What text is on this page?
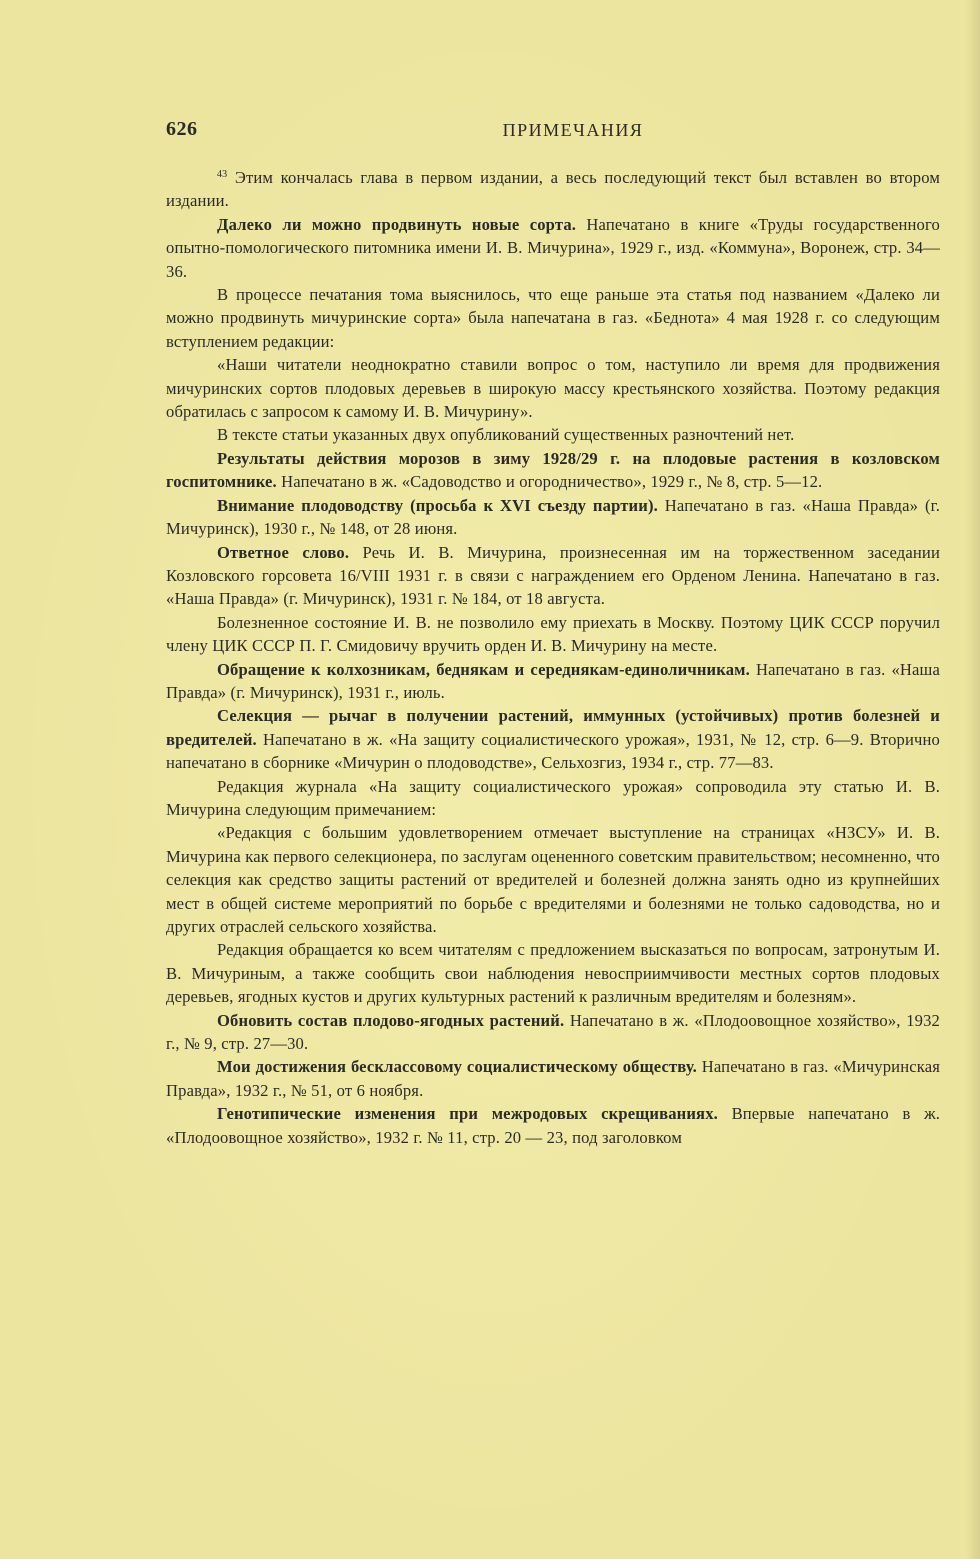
626	ПРИМЕЧАНИЯ

$^{43}$ Этим кончалась глава в первом издании, а весь последующий текст был вставлен во втором издании.

Далеко ли можно продвинуть новые сорта. Напечатано в книге «Труды государственного опытно-помологического питомника имени И. В. Мичурина», 1929 г., изд. «Коммуна», Воронеж, стр. 34—36.

В процессе печатания тома выяснилось, что еще раньше эта статья под названием «Далеко ли можно продвинуть мичуринские сорта» была напечатана в газ. «Беднота» 4 мая 1928 г. со следующим вступлением редакции:

«Наши читатели неоднократно ставили вопрос о том, наступило ли время для продвижения мичуринских сортов плодовых деревьев в широкую массу крестьянского хозяйства. Поэтому редакция обратилась с запросом к самому И. В. Мичурину».

В тексте статьи указанных двух опубликований существенных разночтений нет.

Результаты действия морозов в зиму 1928/29 г. на плодовые растения в козловском госпитомнике. Напечатано в ж. «Садоводство и огородничество», 1929 г., № 8, стр. 5—12.

Внимание плодоводству (просьба к XVI съезду партии). Напечатано в газ. «Наша Правда» (г. Мичуринск), 1930 г., № 148, от 28 июня.

Ответное слово. Речь И. В. Мичурина, произнесенная им на торжественном заседании Козловского горсовета 16/VIII 1931 г. в связи с награждением его Орденом Ленина. Напечатано в газ. «Наша Правда» (г. Мичуринск), 1931 г. № 184, от 18 августа.

Болезненное состояние И. В. не позволило ему приехать в Москву. Поэтому ЦИК СССР поручил члену ЦИК СССР П. Г. Смидовичу вручить орден И. В. Мичурину на месте.

Обращение к колхозникам, беднякам и середнякам-единоличникам. Напечатано в газ. «Наша Правда» (г. Мичуринск), 1931 г., июль.

Селекция — рычаг в получении растений, иммунных (устойчивых) против болезней и вредителей. Напечатано в ж. «На защиту социалистического урожая», 1931, № 12, стр. 6—9. Вторично напечатано в сборнике «Мичурин о плодоводстве», Сельхозгиз, 1934 г., стр. 77—83.

Редакция журнала «На защиту социалистического урожая» сопроводила эту статью И. В. Мичурина следующим примечанием:

«Редакция с большим удовлетворением отмечает выступление на страницах «НЗСУ» И. В. Мичурина как первого селекционера, по заслугам оцененного советским правительством; несомненно, что селекция как средство защиты растений от вредителей и болезней должна занять одно из крупнейших мест в общей системе мероприятий по борьбе с вредителями и болезнями не только садоводства, но и других отраслей сельского хозяйства.

Редакция обращается ко всем читателям с предложением высказаться по вопросам, затронутым И. В. Мичуриным, а также сообщить свои наблюдения невосприимчивости местных сортов плодовых деревьев, ягодных кустов и других культурных растений к различным вредителям и болезням».

Обновить состав плодово-ягодных растений. Напечатано в ж. «Плодоовощное хозяйство», 1932 г., № 9, стр. 27—30.

Мои достижения бесклассовому социалистическому обществу. Напечатано в газ. «Мичуринская Правда», 1932 г., № 51, от 6 ноября.

Генотипические изменения при межродовых скрещиваниях. Впервые напечатано в ж. «Плодоовощное хозяйство», 1932 г. № 11, стр. 20 — 23, под заголовком
